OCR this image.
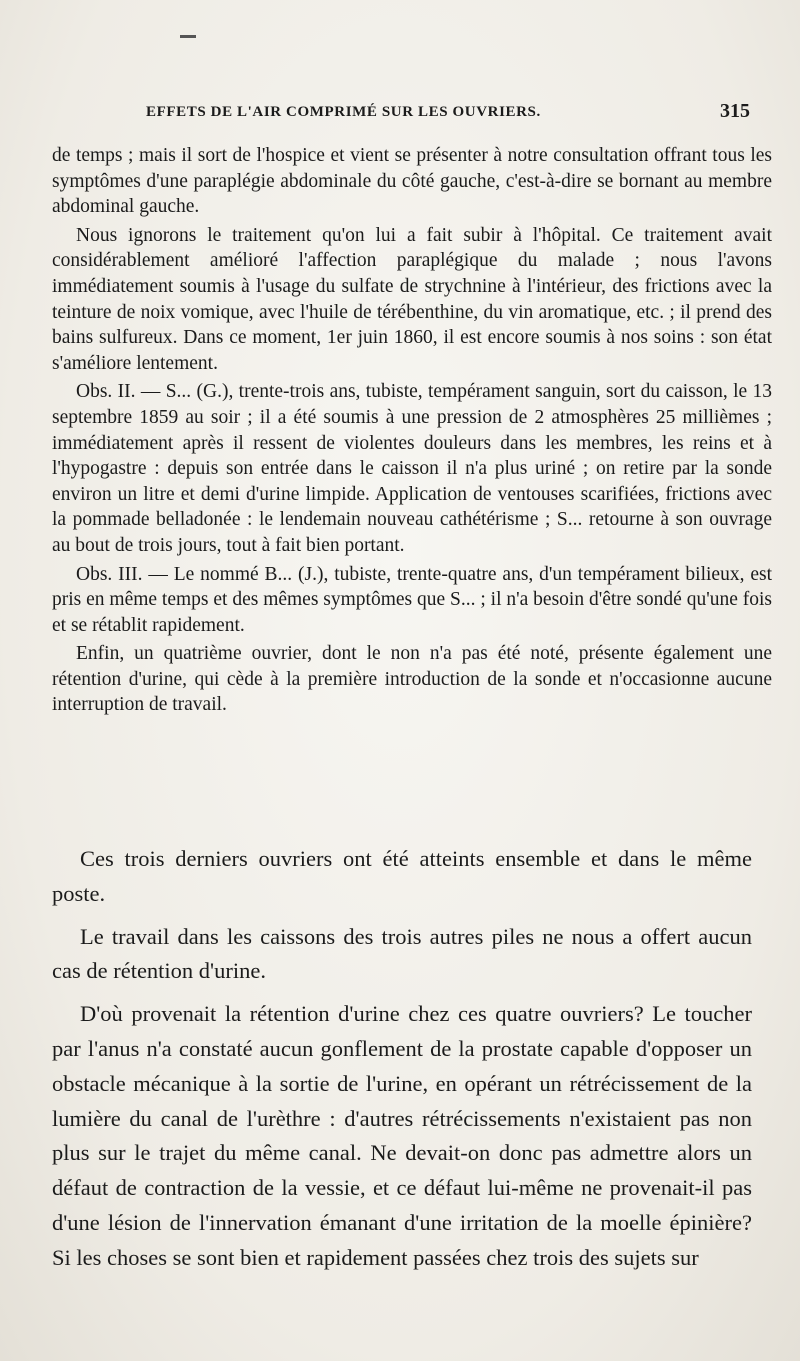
EFFETS DE L'AIR COMPRIMÉ SUR LES OUVRIERS.	315

de temps ; mais il sort de l'hospice et vient se présenter à notre consultation offrant tous les symptômes d'une paraplégie abdominale du côté gauche, c'est-à-dire se bornant au membre abdominal gauche.

Nous ignorons le traitement qu'on lui a fait subir à l'hôpital. Ce traitement avait considérablement amélioré l'affection paraplégique du malade ; nous l'avons immédiatement soumis à l'usage du sulfate de strychnine à l'intérieur, des frictions avec la teinture de noix vomique, avec l'huile de térébenthine, du vin aromatique, etc. ; il prend des bains sulfureux. Dans ce moment, 1er juin 1860, il est encore soumis à nos soins : son état s'améliore lentement.

Obs. II. — S... (G.), trente-trois ans, tubiste, tempérament sanguin, sort du caisson, le 13 septembre 1859 au soir ; il a été soumis à une pression de 2 atmosphères 25 millièmes ; immédiatement après il ressent de violentes douleurs dans les membres, les reins et à l'hypogastre : depuis son entrée dans le caisson il n'a plus uriné ; on retire par la sonde environ un litre et demi d'urine limpide. Application de ventouses scarifiées, frictions avec la pommade belladonée : le lendemain nouveau cathétérisme ; S... retourne à son ouvrage au bout de trois jours, tout à fait bien portant.

Obs. III. — Le nommé B... (J.), tubiste, trente-quatre ans, d'un tempérament bilieux, est pris en même temps et des mêmes symptômes que S... ; il n'a besoin d'être sondé qu'une fois et se rétablit rapidement.

Enfin, un quatrième ouvrier, dont le non n'a pas été noté, présente également une rétention d'urine, qui cède à la première introduction de la sonde et n'occasionne aucune interruption de travail.

Ces trois derniers ouvriers ont été atteints ensemble et dans le même poste.

Le travail dans les caissons des trois autres piles ne nous a offert aucun cas de rétention d'urine.

D'où provenait la rétention d'urine chez ces quatre ouvriers? Le toucher par l'anus n'a constaté aucun gonflement de la prostate capable d'opposer un obstacle mécanique à la sortie de l'urine, en opérant un rétrécissement de la lumière du canal de l'urèthre : d'autres rétrécissements n'existaient pas non plus sur le trajet du même canal. Ne devait-on donc pas admettre alors un défaut de contraction de la vessie, et ce défaut lui-même ne provenait-il pas d'une lésion de l'innervation émanant d'une irritation de la moelle épinière? Si les choses se sont bien et rapidement passées chez trois des sujets sur
